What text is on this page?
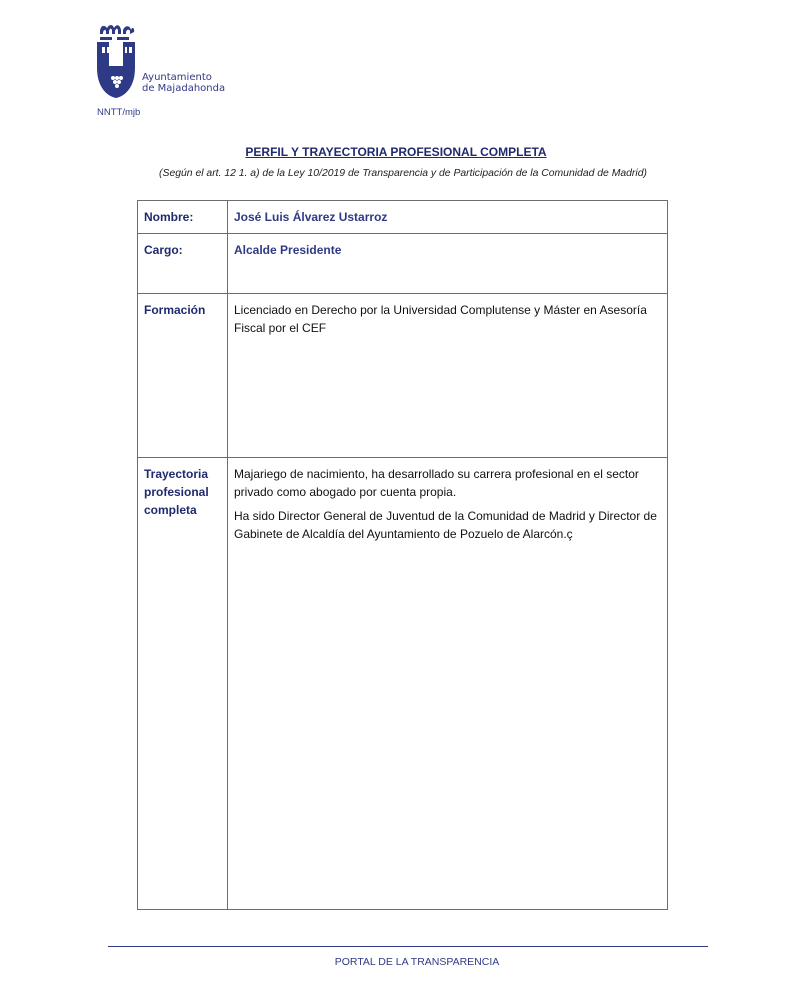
Ayuntamiento
de Majadahonda
NNTT/mjb
PERFIL Y TRAYECTORIA PROFESIONAL COMPLETA
(Según el art. 12 1. a) de la Ley 10/2019 de Transparencia y de Participación de la Comunidad de Madrid)
Nombre:	José Luis Álvarez Ustarroz
Cargo:	Alcalde Presidente
Formación	Licenciado en Derecho por la Universidad Complutense y Máster en Asesoría Fiscal por el CEF
Trayectoria profesional completa	Majariego de nacimiento, ha desarrollado su carrera profesional en el sector privado como abogado por cuenta propia.

Ha sido Director General de Juventud de la Comunidad de Madrid y Director de Gabinete de Alcaldía del Ayuntamiento de Pozuelo de Alarcón.ç

PORTAL DE LA TRANSPARENCIA
